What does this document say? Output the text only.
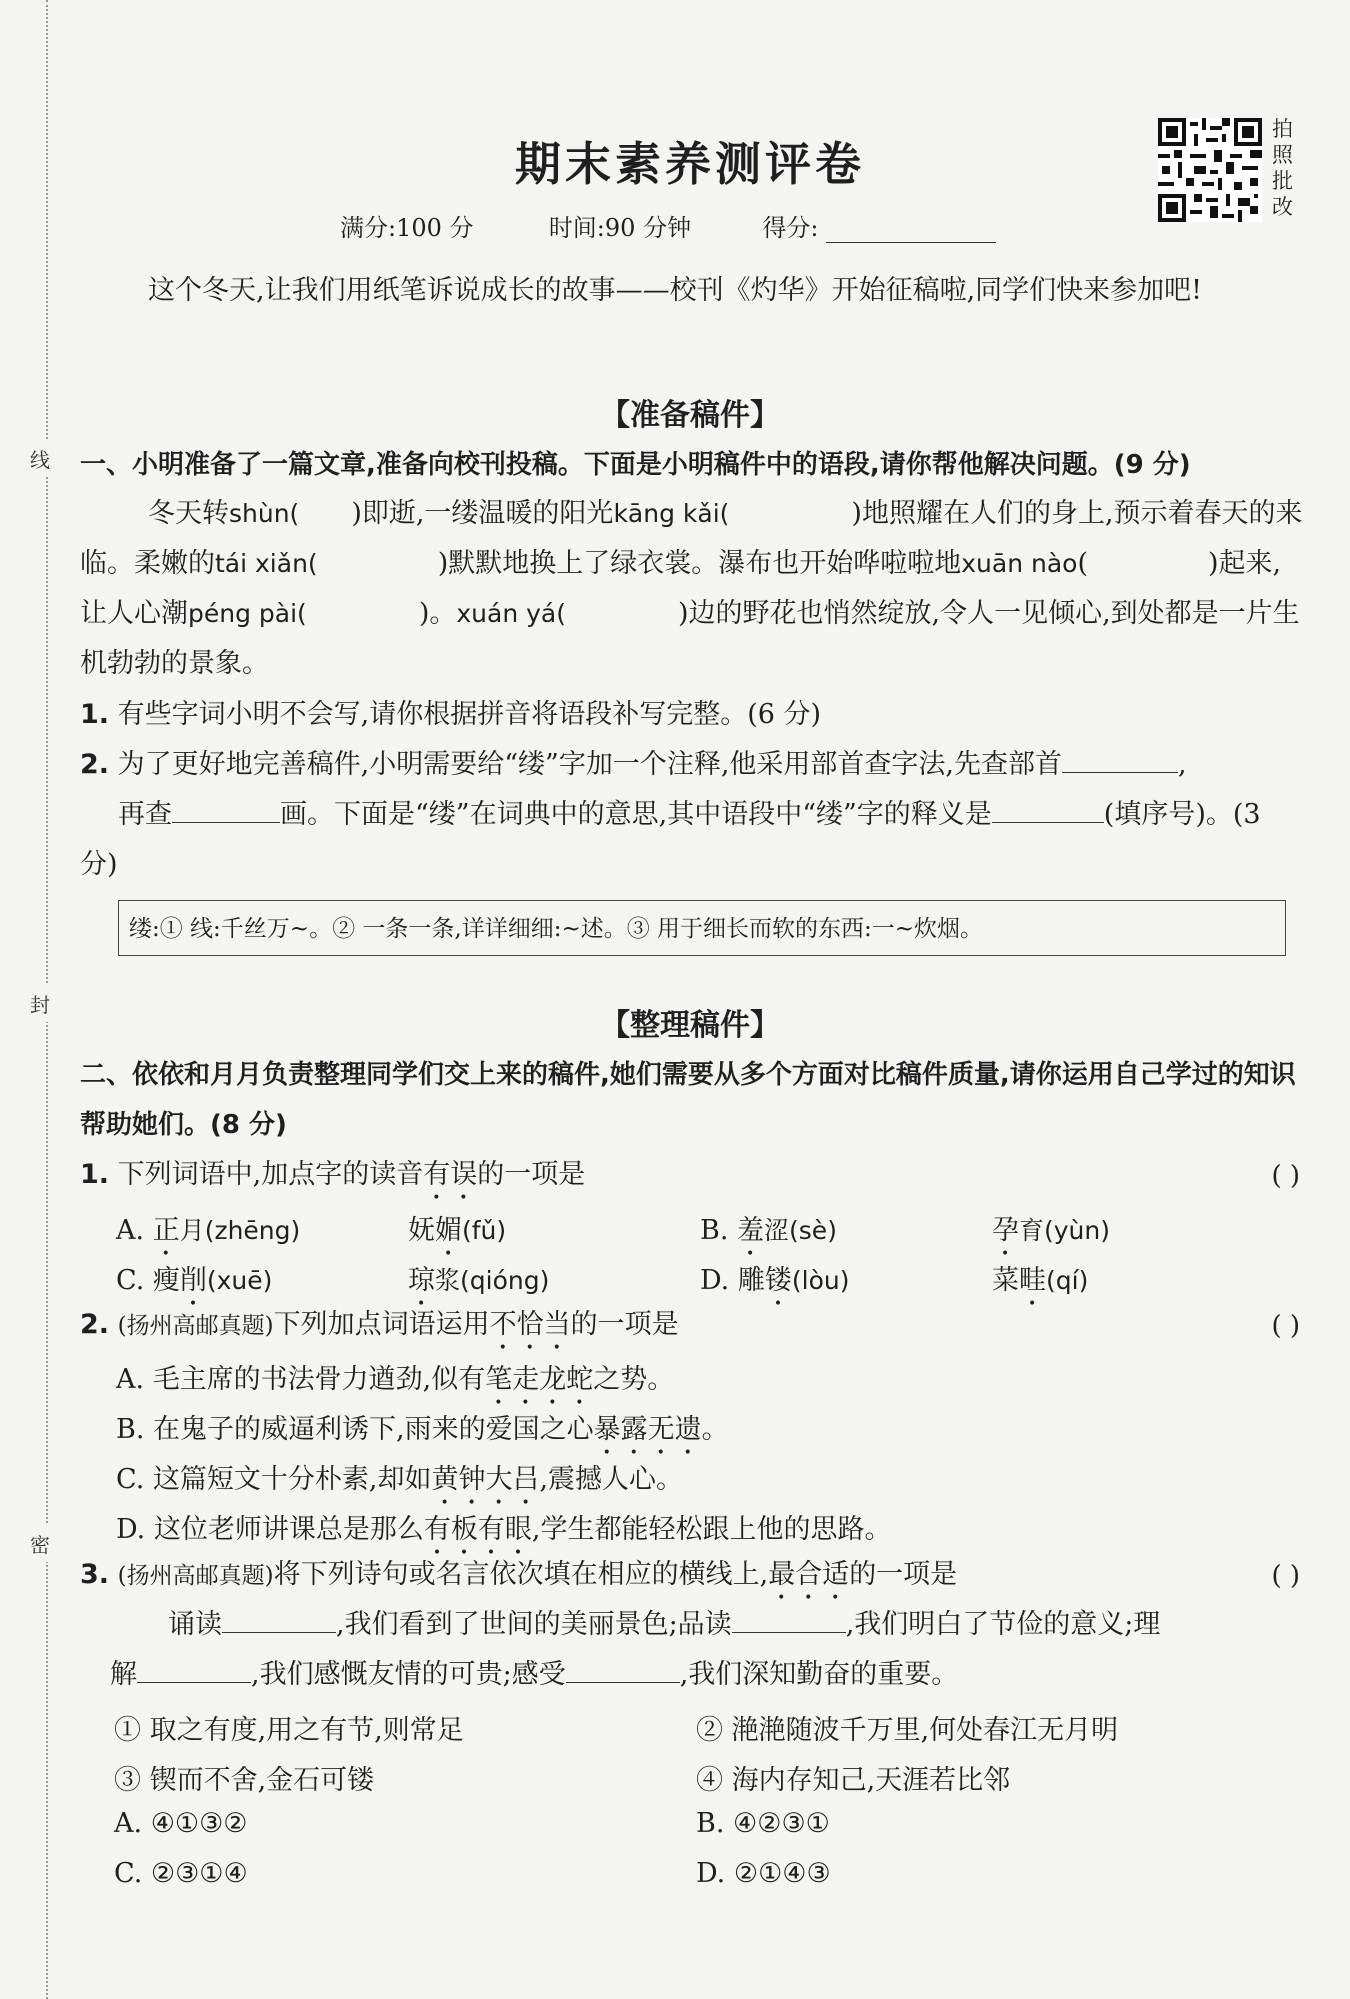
线
封
密
期末素养测评卷
拍照批改
满分:100 分	时间:90 分钟	得分:
这个冬天,让我们用纸笔诉说成长的故事——校刊《灼华》开始征稿啦,同学们快来参加吧!
【准备稿件】
一、小明准备了一篇文章,准备向校刊投稿。下面是小明稿件中的语段,请你帮他解决问题。(9 分)
冬天转shùn( )即逝,一缕温暖的阳光kāng kǎi(	)地照耀在人们的身上,预示着春天的来临。柔嫩的tái xiǎn(	)默默地换上了绿衣裳。瀑布也开始哗啦啦地xuān nào(	)起来,让人心潮péng pài(	)。xuán yá(	)边的野花也悄然绽放,令人一见倾心,到处都是一片生机勃勃的景象。
1. 有些字词小明不会写,请你根据拼音将语段补写完整。(6 分)
2. 为了更好地完善稿件,小明需要给“缕”字加一个注释,他采用部首查字法,先查部首	,
再查	画。下面是“缕”在词典中的意思,其中语段中“缕”字的释义是	(填序号)。(3 分)
缕:① 线:千丝万~。② 一条一条,详详细细:~述。③ 用于细长而软的东西:一~炊烟。
【整理稿件】
二、依依和月月负责整理同学们交上来的稿件,她们需要从多个方面对比稿件质量,请你运用自己学过的知识帮助她们。(8 分)
1. 下列词语中,加点字的读音有误的一项是	( )
A. 正月(zhēng)	妩媚(fǔ)	B. 羞涩(sè)	孕育(yùn)
C. 瘦削(xuē)	琼浆(qióng)	D. 雕镂(lòu)	菜畦(qí)
2. (扬州高邮真题)下列加点词语运用不恰当的一项是	( )
A. 毛主席的书法骨力遒劲,似有笔走龙蛇之势。
B. 在鬼子的威逼利诱下,雨来的爱国之心暴露无遗。
C. 这篇短文十分朴素,却如黄钟大吕,震撼人心。
D. 这位老师讲课总是那么有板有眼,学生都能轻松跟上他的思路。
3. (扬州高邮真题)将下列诗句或名言依次填在相应的横线上,最合适的一项是	( )
诵读	,我们看到了世间的美丽景色;品读	,我们明白了节俭的意义;理
解	,我们感慨友情的可贵;感受	,我们深知勤奋的重要。
① 取之有度,用之有节,则常足	② 滟滟随波千万里,何处春江无月明
③ 锲而不舍,金石可镂	④ 海内存知己,天涯若比邻
A. ④①③②	B. ④②③①
C. ②③①④	D. ②①④③
